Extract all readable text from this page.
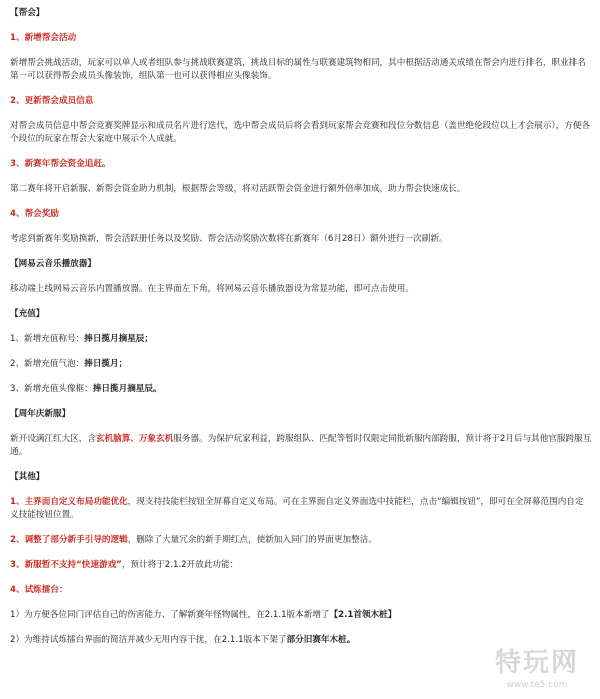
【帮会】

1、新增帮会活动

新增帮会挑战活动，玩家可以单人或者组队参与挑战联赛建筑，挑战目标的属性与联赛建筑物相同，其中根据活动通关成绩在帮会内进行排名，职业排名第一可以获得帮会成员头像装饰，组队第一也可以获得相应头像装饰。

2、更新帮会成员信息

对帮会成员信息中帮会竞赛奖牌显示和成员名片进行迭代，选中帮会成员后将会看到玩家帮会竞赛和段位分数信息（盖世绝伦段位以上才会展示），方便各个段位的玩家在帮会大家庭中展示个人成就。

3、新赛年帮会资金追赶。

第二赛年将开启新服、新帮会资金助力机制，根据帮会等级，将对活跃帮会资金进行额外倍率加成，助力帮会快速成长。

4、帮会奖励

考虑到新赛年奖励换新，帮会活跃册任务以及奖励、帮会活动奖励次数将在新赛年（6月28日）额外进行一次刷新。

【网易云音乐播放器】

移动端上线网易云音乐内置播放器。在主界面左下角，将网易云音乐播放器设为常显功能，即可点击使用。

【充值】

1、新增充值称号：捧日揽月摘星辰；

2、新增充值气泡：捧日揽月；

3、新增充值头像框：捧日揽月摘星辰。

【周年庆新服】

新开设满江红大区，含玄机脑算、万象玄机服务器。为保护玩家利益，跨服组队、匹配等暂时仅限定同批新服内部跨服，预计将于2月后与其他官服跨服互通。

【其他】

1、主界面自定义布局功能优化，现支持技能栏按钮全屏幕自定义布局。可在主界面自定义界面选中技能栏，点击“编辑按钮”，即可在全屏幕范围内自定义技能按钮位置。

2、调整了部分新手引导的逻辑，删除了大量冗余的新手期红点，使新加入同门的界面更加整洁。

3、新服暂不支持“快速游戏”，预计将于2.1.2开放此功能：

4、试炼擂台：

1）为方便各位同门评估自己的伤害能力、了解新赛年怪物属性，在2.1.1版本新增了【2.1首领木桩】

2）为维持试炼擂台界面的简洁并减少无用内容干扰，在2.1.1版本下架了部分旧赛年木桩。

特玩网
www.te5.com
